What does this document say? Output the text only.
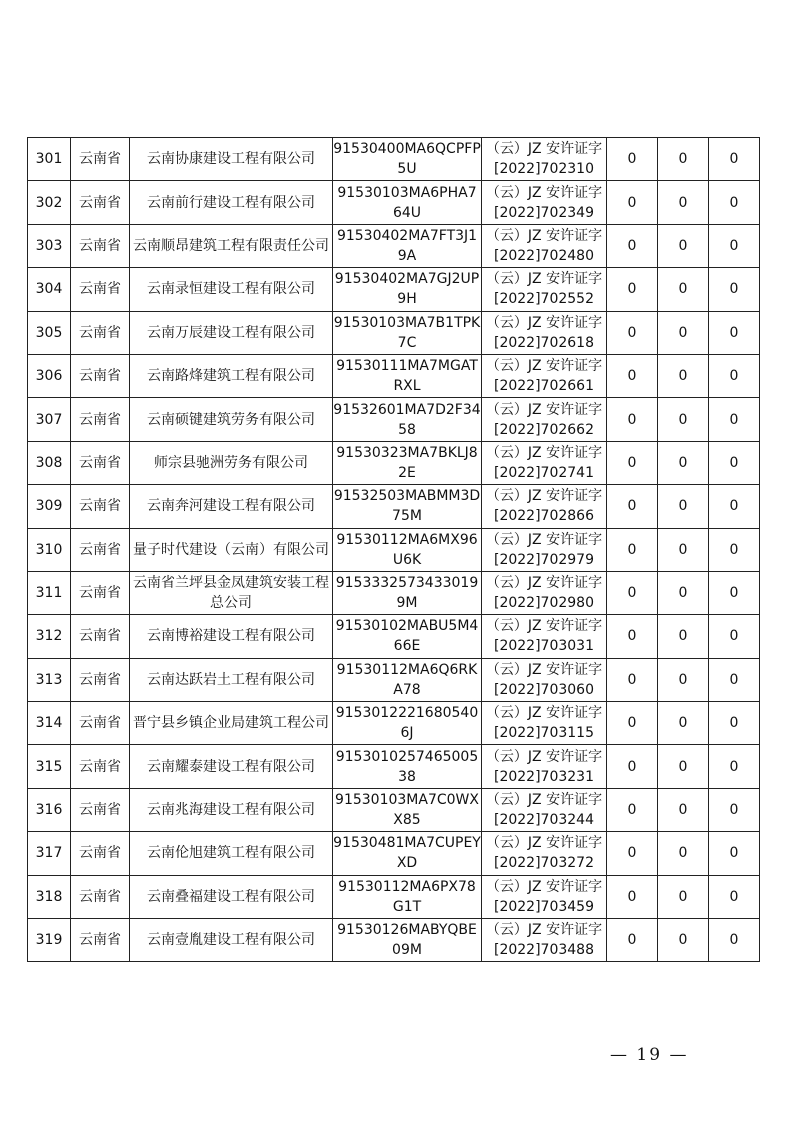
301	云南省	云南协康建设工程有限公司	91530400MA6QCPFP5U	（云）JZ 安许证字
[2022]702310	0	0	0
302	云南省	云南前行建设工程有限公司	91530103MA6PHA764U	（云）JZ 安许证字
[2022]702349	0	0	0
303	云南省	云南顺昂建筑工程有限责任公司	91530402MA7FT3J19A	（云）JZ 安许证字
[2022]702480	0	0	0
304	云南省	云南录恒建设工程有限公司	91530402MA7GJ2UP9H	（云）JZ 安许证字
[2022]702552	0	0	0
305	云南省	云南万辰建设工程有限公司	91530103MA7B1TPK7C	（云）JZ 安许证字
[2022]702618	0	0	0
306	云南省	云南路烽建筑工程有限公司	91530111MA7MGATRXL	（云）JZ 安许证字
[2022]702661	0	0	0
307	云南省	云南硕键建筑劳务有限公司	91532601MA7D2F3458	（云）JZ 安许证字
[2022]702662	0	0	0
308	云南省	师宗县驰洲劳务有限公司	91530323MA7BKLJ82E	（云）JZ 安许证字
[2022]702741	0	0	0
309	云南省	云南奔河建设工程有限公司	91532503MABMM3D75M	（云）JZ 安许证字
[2022]702866	0	0	0
310	云南省	量子时代建设（云南）有限公司	91530112MA6MX96U6K	（云）JZ 安许证字
[2022]702979	0	0	0
311	云南省	云南省兰坪县金凤建筑安装工程总公司	915333257343301​99M	（云）JZ 安许证字
[2022]702980	0	0	0
312	云南省	云南博裕建设工程有限公司	91530102MABU5M466E	（云）JZ 安许证字
[2022]703031	0	0	0
313	云南省	云南达跃岩土工程有限公司	91530112MA6Q6RKA78	（云）JZ 安许证字
[2022]703060	0	0	0
314	云南省	晋宁县乡镇企业局建筑工程公司	915301222168054​06J	（云）JZ 安许证字
[2022]703115	0	0	0
315	云南省	云南耀泰建设工程有限公司	915301025746500​538	（云）JZ 安许证字
[2022]703231	0	0	0
316	云南省	云南兆海建设工程有限公司	91530103MA7C0WXX85	（云）JZ 安许证字
[2022]703244	0	0	0
317	云南省	云南伦旭建筑工程有限公司	91530481MA7CUPEYXD	（云）JZ 安许证字
[2022]703272	0	0	0
318	云南省	云南叠福建设工程有限公司	91530112MA6PX78G1T	（云）JZ 安许证字
[2022]703459	0	0	0
319	云南省	云南壹胤建设工程有限公司	91530126MABYQBE09M	（云）JZ 安许证字
[2022]703488	0	0	0
— 19 —
